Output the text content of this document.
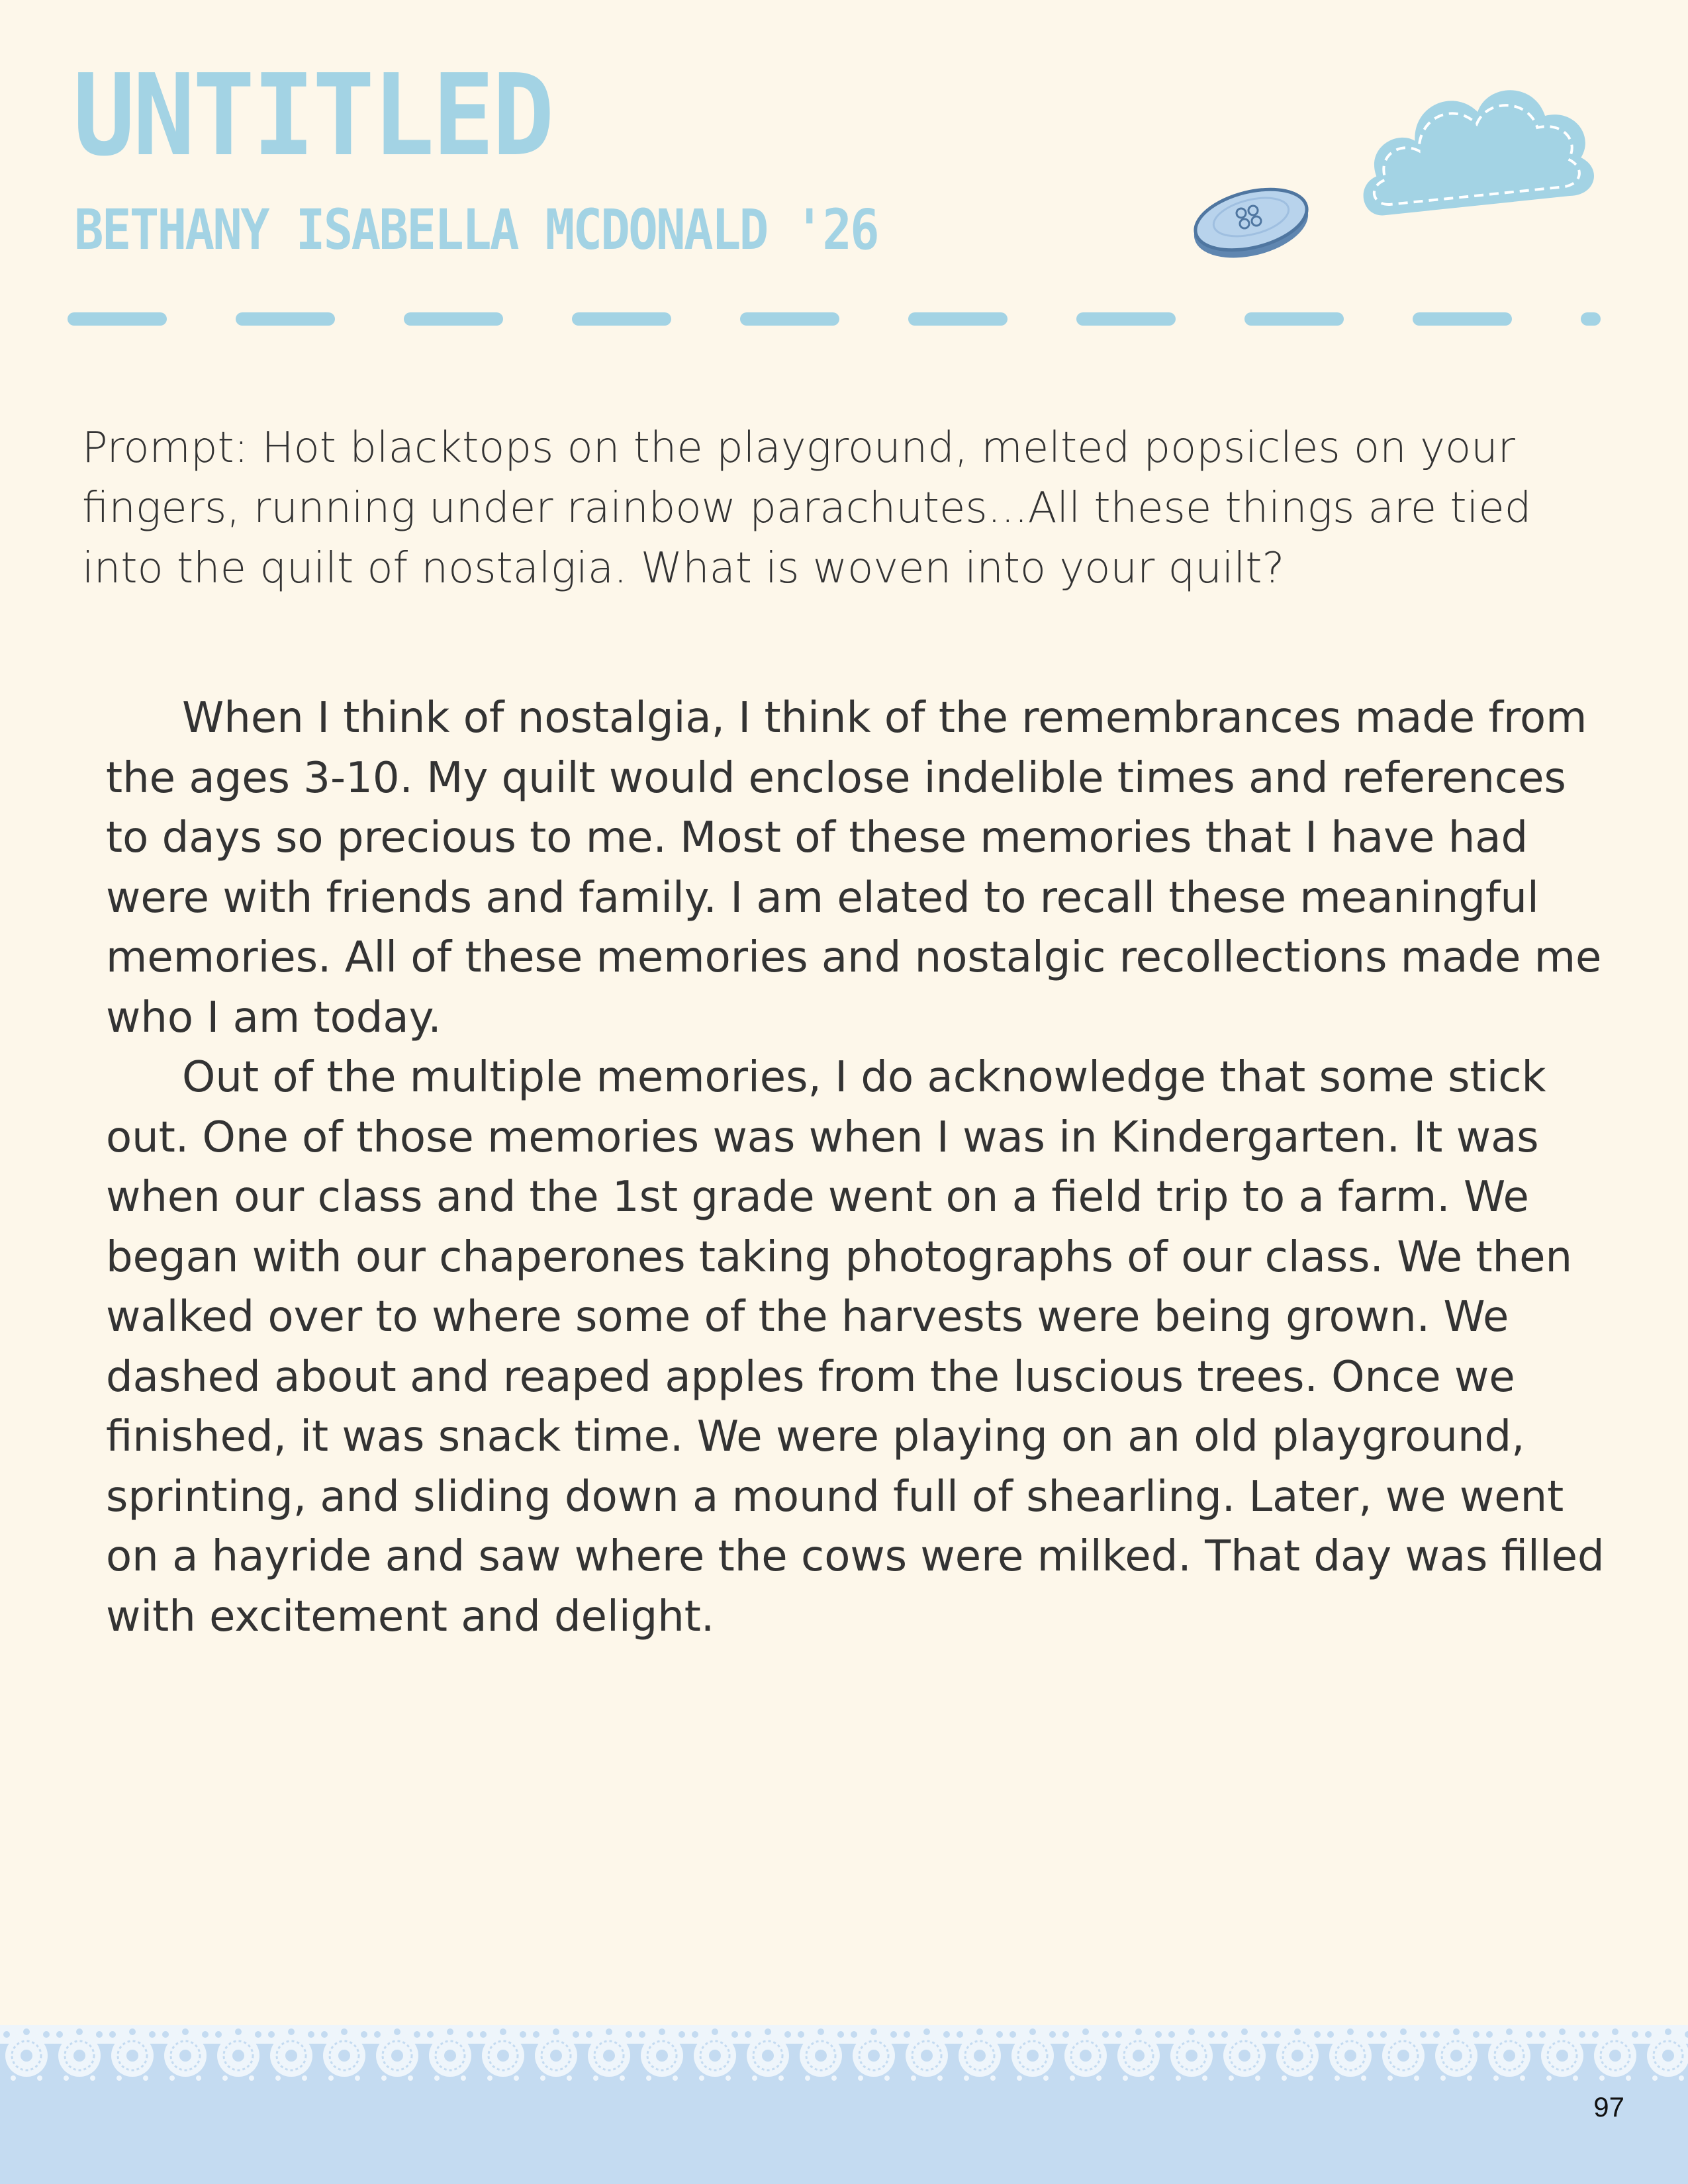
UNTITLED
BETHANY ISABELLA MCDONALD '26

Prompt: Hot blacktops on the playground, melted popsicles on your fingers, running under rainbow parachutes...All these things are tied into the quilt of nostalgia. What is woven into your quilt?

When I think of nostalgia, I think of the remembrances made from the ages 3-10. My quilt would enclose indelible times and references to days so precious to me. Most of these memories that I have had were with friends and family. I am elated to recall these meaningful memories. All of these memories and nostalgic recollections made me who I am today.

Out of the multiple memories, I do acknowledge that some stick out. One of those memories was when I was in Kindergarten. It was when our class and the 1st grade went on a field trip to a farm. We began with our chaperones taking photographs of our class. We then walked over to where some of the harvests were being grown. We dashed about and reaped apples from the luscious trees. Once we finished, it was snack time. We were playing on an old playground, sprinting, and sliding down a mound full of shearling. Later, we went on a hayride and saw where the cows were milked. That day was filled with excitement and delight.

97
